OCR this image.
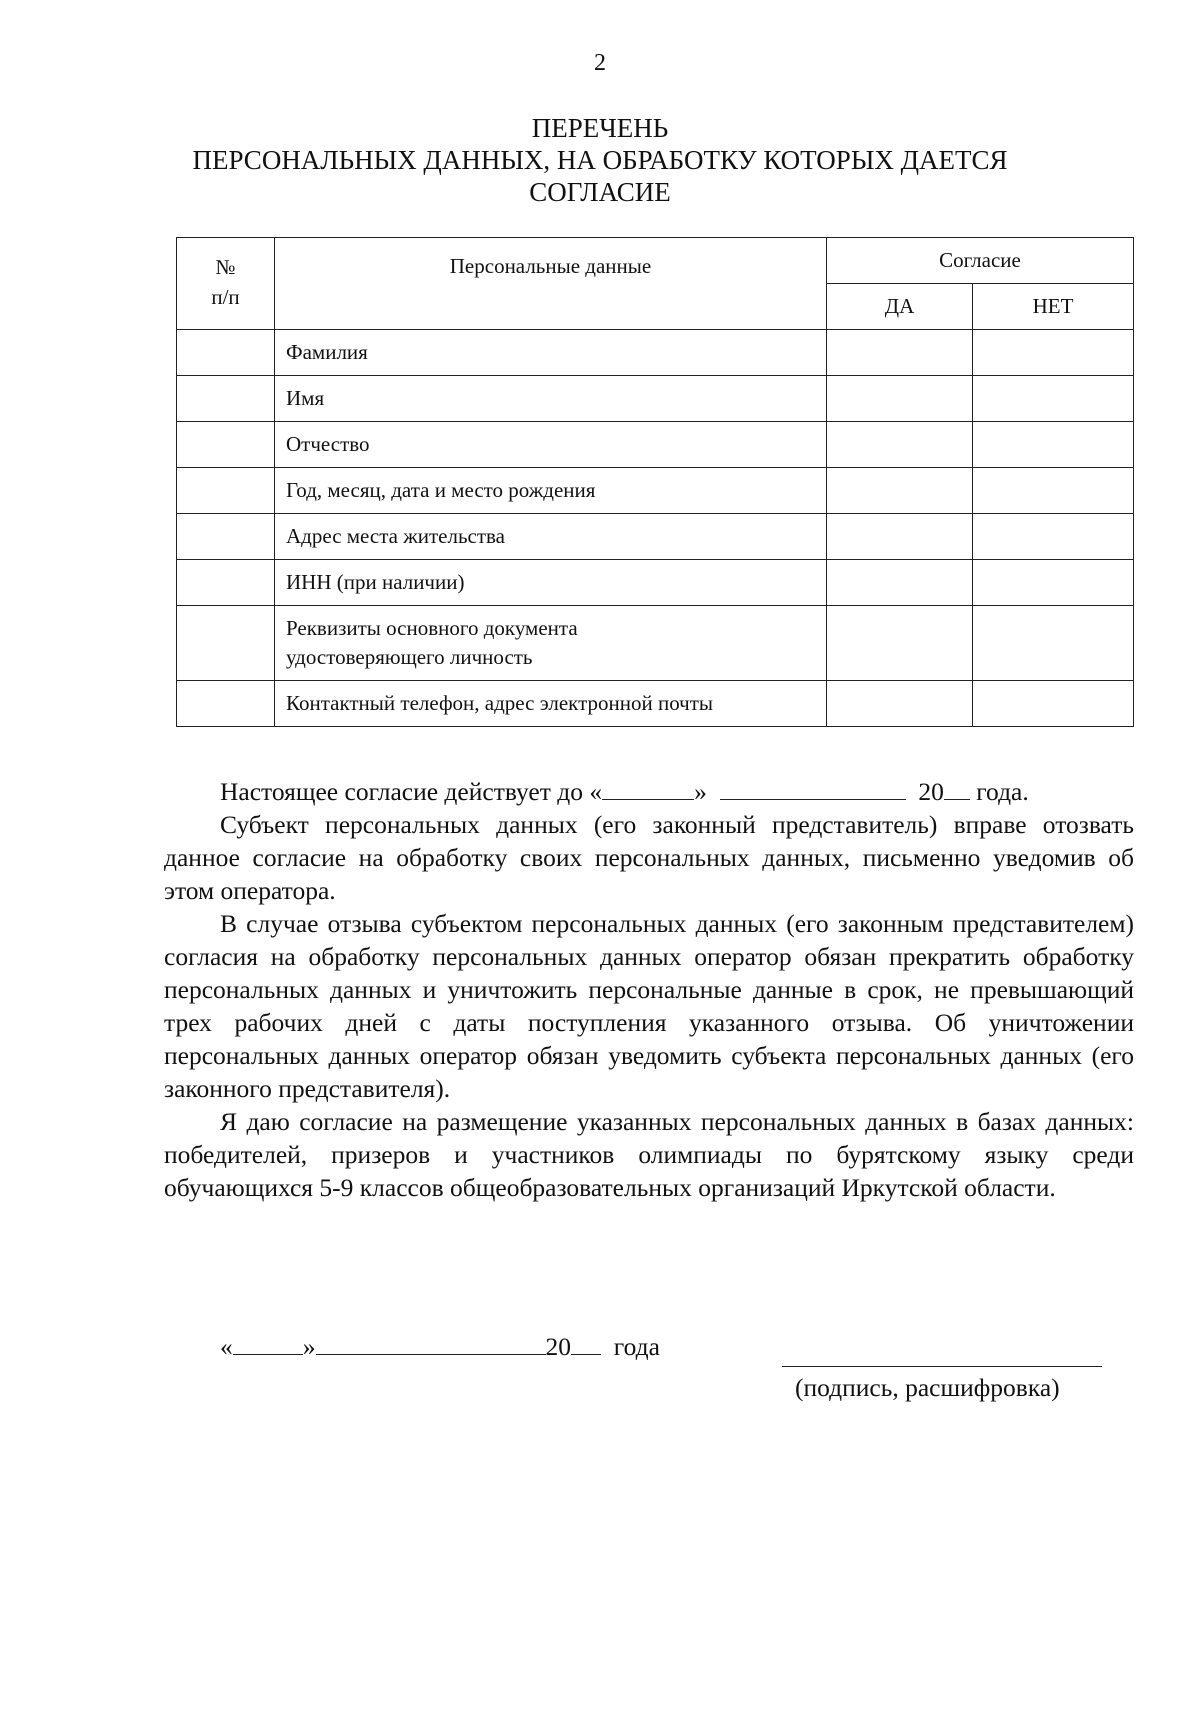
2
ПЕРЕЧЕНЬ
ПЕРСОНАЛЬНЫХ ДАННЫХ, НА ОБРАБОТКУ КОТОРЫХ ДАЕТСЯ
СОГЛАСИЕ
№
п/п	Персональные данные	Согласие	
		ДА	НЕТ
	Фамилия		
	Имя		
	Отчество		
	Год, месяц, дата и место рождения		
	Адрес места жительства		
	ИНН (при наличии)		
	Реквизиты основного документа
удостоверяющего личность		
	Контактный телефон, адрес электронной почты		

Настоящее согласие действует до «	»	20 года.

Субъект персональных данных (его законный представитель) вправе отозвать данное согласие на обработку своих персональных данных, письменно уведомив об этом оператора.

В случае отзыва субъектом персональных данных (его законным представителем) согласия на обработку персональных данных оператор обязан прекратить обработку персональных данных и уничтожить персональные данные в срок, не превышающий трех рабочих дней с даты поступления указанного отзыва. Об уничтожении персональных данных оператор обязан уведомить субъекта персональных данных (его законного представителя).

Я даю согласие на размещение указанных персональных данных в базах данных: победителей, призеров и участников олимпиады по бурятскому языку среди обучающихся 5-9 классов общеобразовательных организаций Иркутской области.

«	»	20 года
(подпись, расшифровка)
